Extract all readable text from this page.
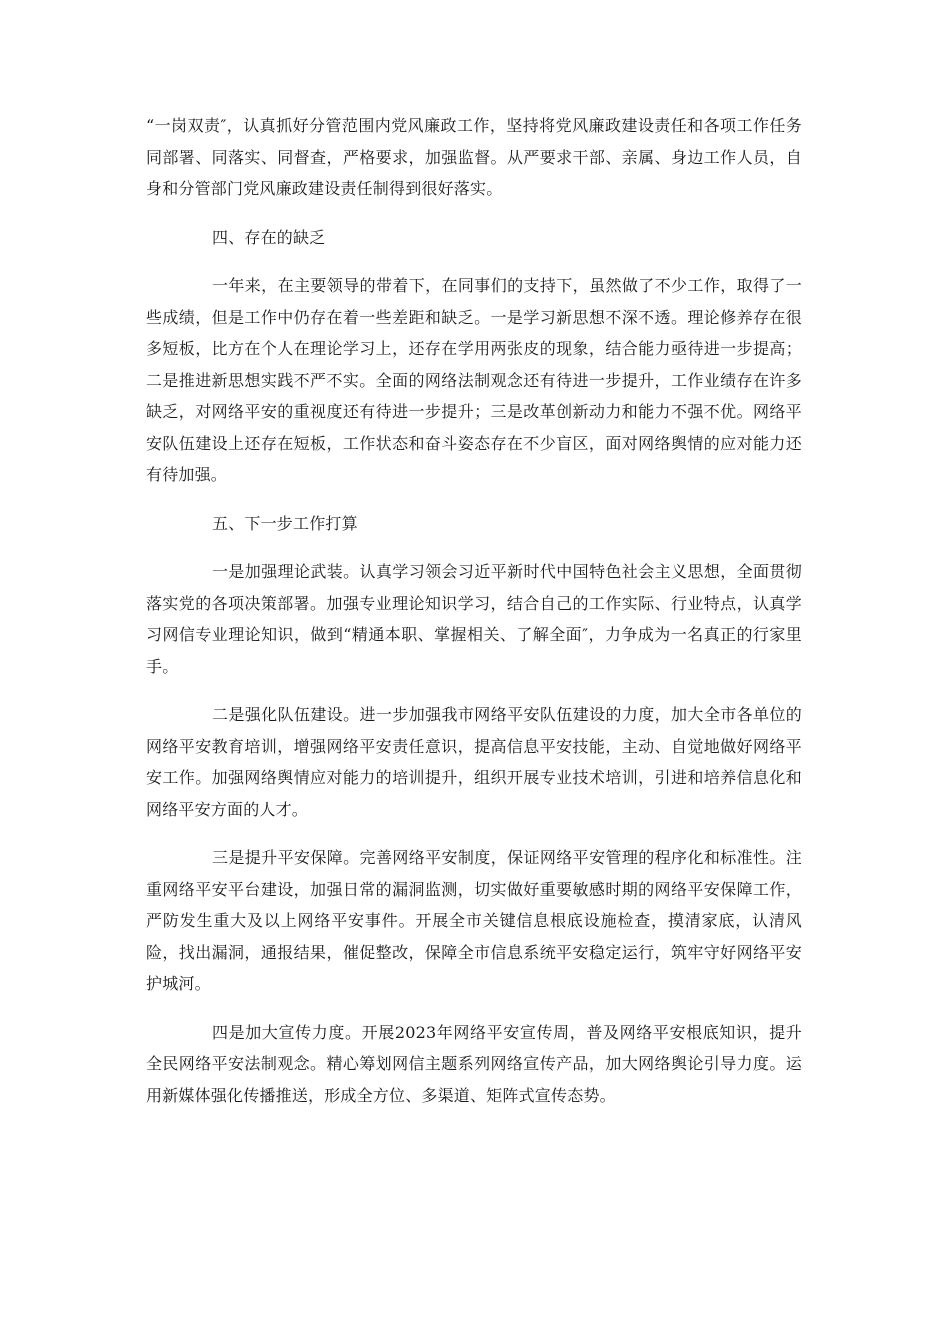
“一岗双责″，认真抓好分管范围内党风廉政工作，坚持将党风廉政建设责任和各项工作任务同部署、同落实、同督查，严格要求，加强监督。从严要求干部、亲属、身边工作人员，自身和分管部门党风廉政建设责任制得到很好落实。

四、存在的缺乏

一年来，在主要领导的带着下，在同事们的支持下，虽然做了不少工作，取得了一些成绩，但是工作中仍存在着一些差距和缺乏。一是学习新思想不深不透。理论修养存在很多短板，比方在个人在理论学习上，还存在学用两张皮的现象，结合能力亟待进一步提高；二是推进新思想实践不严不实。全面的网络法制观念还有待进一步提升，工作业绩存在许多缺乏，对网络平安的重视度还有待进一步提升；三是改革创新动力和能力不强不优。网络平安队伍建设上还存在短板，工作状态和奋斗姿态存在不少盲区，面对网络舆情的应对能力还有待加强。

五、下一步工作打算

一是加强理论武装。认真学习领会习近平新时代中国特色社会主义思想，全面贯彻落实党的各项决策部署。加强专业理论知识学习，结合自己的工作实际、行业特点，认真学习网信专业理论知识，做到“精通本职、掌握相关、了解全面″，力争成为一名真正的行家里手。

二是强化队伍建设。进一步加强我市网络平安队伍建设的力度，加大全市各单位的网络平安教育培训，增强网络平安责任意识，提高信息平安技能，主动、自觉地做好网络平安工作。加强网络舆情应对能力的培训提升，组织开展专业技术培训，引进和培养信息化和网络平安方面的人才。

三是提升平安保障。完善网络平安制度，保证网络平安管理的程序化和标准性。注重网络平安平台建设，加强日常的漏洞监测，切实做好重要敏感时期的网络平安保障工作，严防发生重大及以上网络平安事件。开展全市关键信息根底设施检查，摸清家底，认清风险，找出漏洞，通报结果，催促整改，保障全市信息系统平安稳定运行，筑牢守好网络平安护城河。

四是加大宣传力度。开展2023年网络平安宣传周，普及网络平安根底知识，提升全民网络平安法制观念。精心筹划网信主题系列网络宣传产品，加大网络舆论引导力度。运用新媒体强化传播推送，形成全方位、多渠道、矩阵式宣传态势。
